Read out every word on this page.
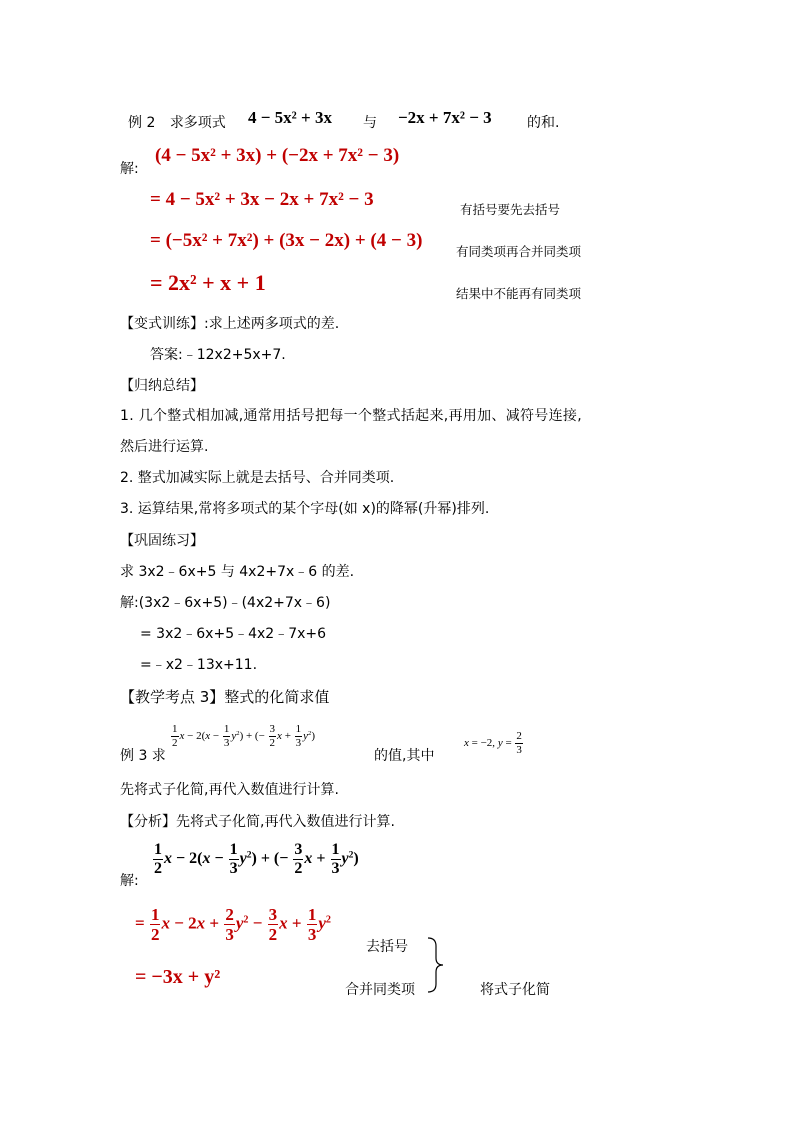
例 2 求多项式 4 − 5x² + 3x 与 −2x + 7x² − 3	的和.
解:
(4 − 5x² + 3x) + (−2x + 7x² − 3)
= 4 − 5x² + 3x − 2x + 7x² − 3	有括号要先去括号
= (−5x² + 7x²) + (3x − 2x) + (4 − 3)
有同类项再合并同类项
= 2x² + x + 1	结果中不能再有同类项
【变式训练】:求上述两多项式的差.
答案:﹣12x2+5x+7.
【归纳总结】
1. 几个整式相加减,通常用括号把每一个整式括起来,再用加、减符号连接,
然后进行运算.
2. 整式加减实际上就是去括号、合并同类项.
3. 运算结果,常将多项式的某个字母(如 x)的降幂(升幂)排列.
【巩固练习】
求 3x2﹣6x+5 与 4x2+7x﹣6 的差.
解:(3x2﹣6x+5)﹣(4x2+7x﹣6)
= 3x2﹣6x+5﹣4x2﹣7x+6
=﹣x2﹣13x+11.
【教学考点 3】整式的化简求值
例 3 求
$\frac{1}{2}$ $x - 2(x - \frac{1}{3} y^2)$ + (− $\frac{3}{2}$ $x + \frac{1}{3} y^2$)
的值,其中
x = −2, $y = \frac{2}{3}$
先将式子化简,再代入数值进行计算.
【分析】先将式子化简,再代入数值进行计算.
解:
$\frac{1}{2}$ $x - 2(x - \frac{1}{3} y^2)$ + (− $\frac{3}{2}$ $x + \frac{1}{3} y^2$)
= $\frac{1}{2}$ $x - 2x + \frac{2}{3} y^2 - \frac{3}{2}$ $x + \frac{1}{3} y^2$
= −3x + y²
去括号
合并同类项	将式子化简
